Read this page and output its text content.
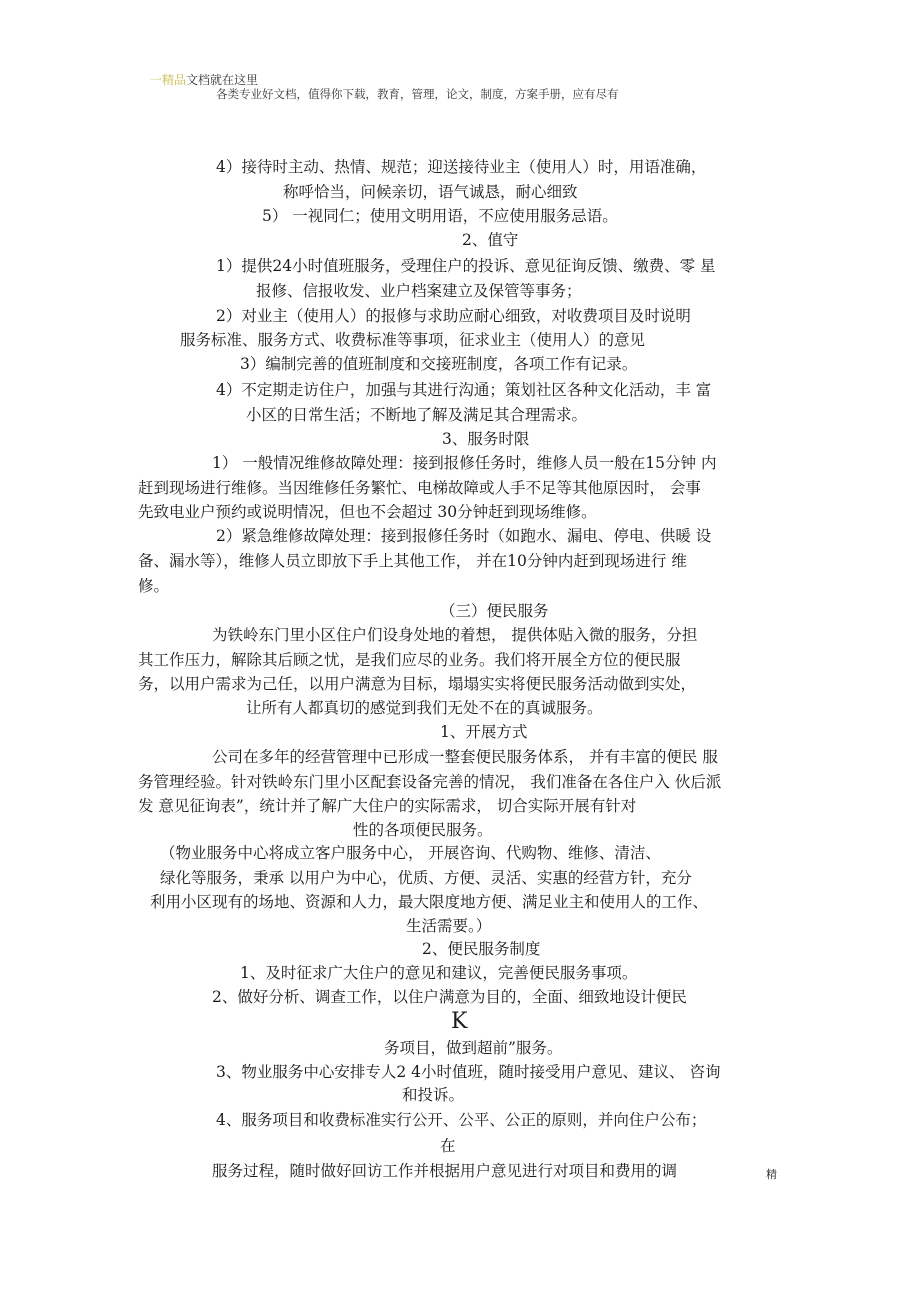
一精品文档就在这里
各类专业好文档，值得你下载，教育，管理，论文，制度，方案手册，应有尽有
4）接待时主动、热情、规范；迎送接待业主（使用人）时，用语准确，
称呼恰当，问候亲切，语气诚恳，耐心细致
5） 一视同仁；使用文明用语，不应使用服务忌语。
2、值守
1）提供24小时值班服务，受理住户的投诉、意见征询反馈、缴费、零 星
报修、信报收发、业户档案建立及保管等事务；
2）对业主（使用人）的报修与求助应耐心细致，对收费项目及时说明
服务标准、服务方式、收费标准等事项，征求业主（使用人）的意见
3）编制完善的值班制度和交接班制度，各项工作有记录。
4）不定期走访住户，加强与其进行沟通；策划社区各种文化活动，丰 富
小区的日常生活；不断地了解及满足其合理需求。
3、服务时限
1） 一般情况维修故障处理：接到报修任务时，维修人员一般在15分钟 内
赶到现场进行维修。当因维修任务繁忙、电梯故障或人手不足等其他原因时， 会事
先致电业户预约或说明情况，但也不会超过 30分钟赶到现场维修。
2）紧急维修故障处理：接到报修任务时（如跑水、漏电、停电、供暖 设
备、漏水等），维修人员立即放下手上其他工作， 并在10分钟内赶到现场进行 维
修。
（三）便民服务
为铁岭东门里小区住户们设身处地的着想， 提供体贴入微的服务，分担
其工作压力，解除其后顾之忧，是我们应尽的业务。我们将开展全方位的便民服
务，以用户需求为己任，以用户满意为目标，塌塌实实将便民服务活动做到实处，
让所有人都真切的感觉到我们无处不在的真诚服务。
1、开展方式
公司在多年的经营管理中已形成一整套便民服务体系， 并有丰富的便民 服
务管理经验。针对铁岭东门里小区配套设备完善的情况， 我们准备在各住户入 伙后派
发 意见征询表”，统计并了解广大住户的实际需求， 切合实际开展有针对
性的各项便民服务。
（物业服务中心将成立客户服务中心， 开展咨询、代购物、维修、清洁、
绿化等服务，秉承 以用户为中心，优质、方便、灵活、实惠的经营方针，充分
利用小区现有的场地、资源和人力，最大限度地方便、满足业主和使用人的工作、
生活需要。）
2、便民服务制度
1、及时征求广大住户的意见和建议，完善便民服务事项。
2、做好分析、调查工作，以住户满意为目的，全面、细致地设计便民
K
务项目，做到超前”服务。
3、物业服务中心安排专人2 4小时值班，随时接受用户意见、建议、 咨询
和投诉。
4、服务项目和收费标准实行公开、公平、公正的原则，并向住户公布；
在
服务过程，随时做好回访工作并根据用户意见进行对项目和费用的调	精
